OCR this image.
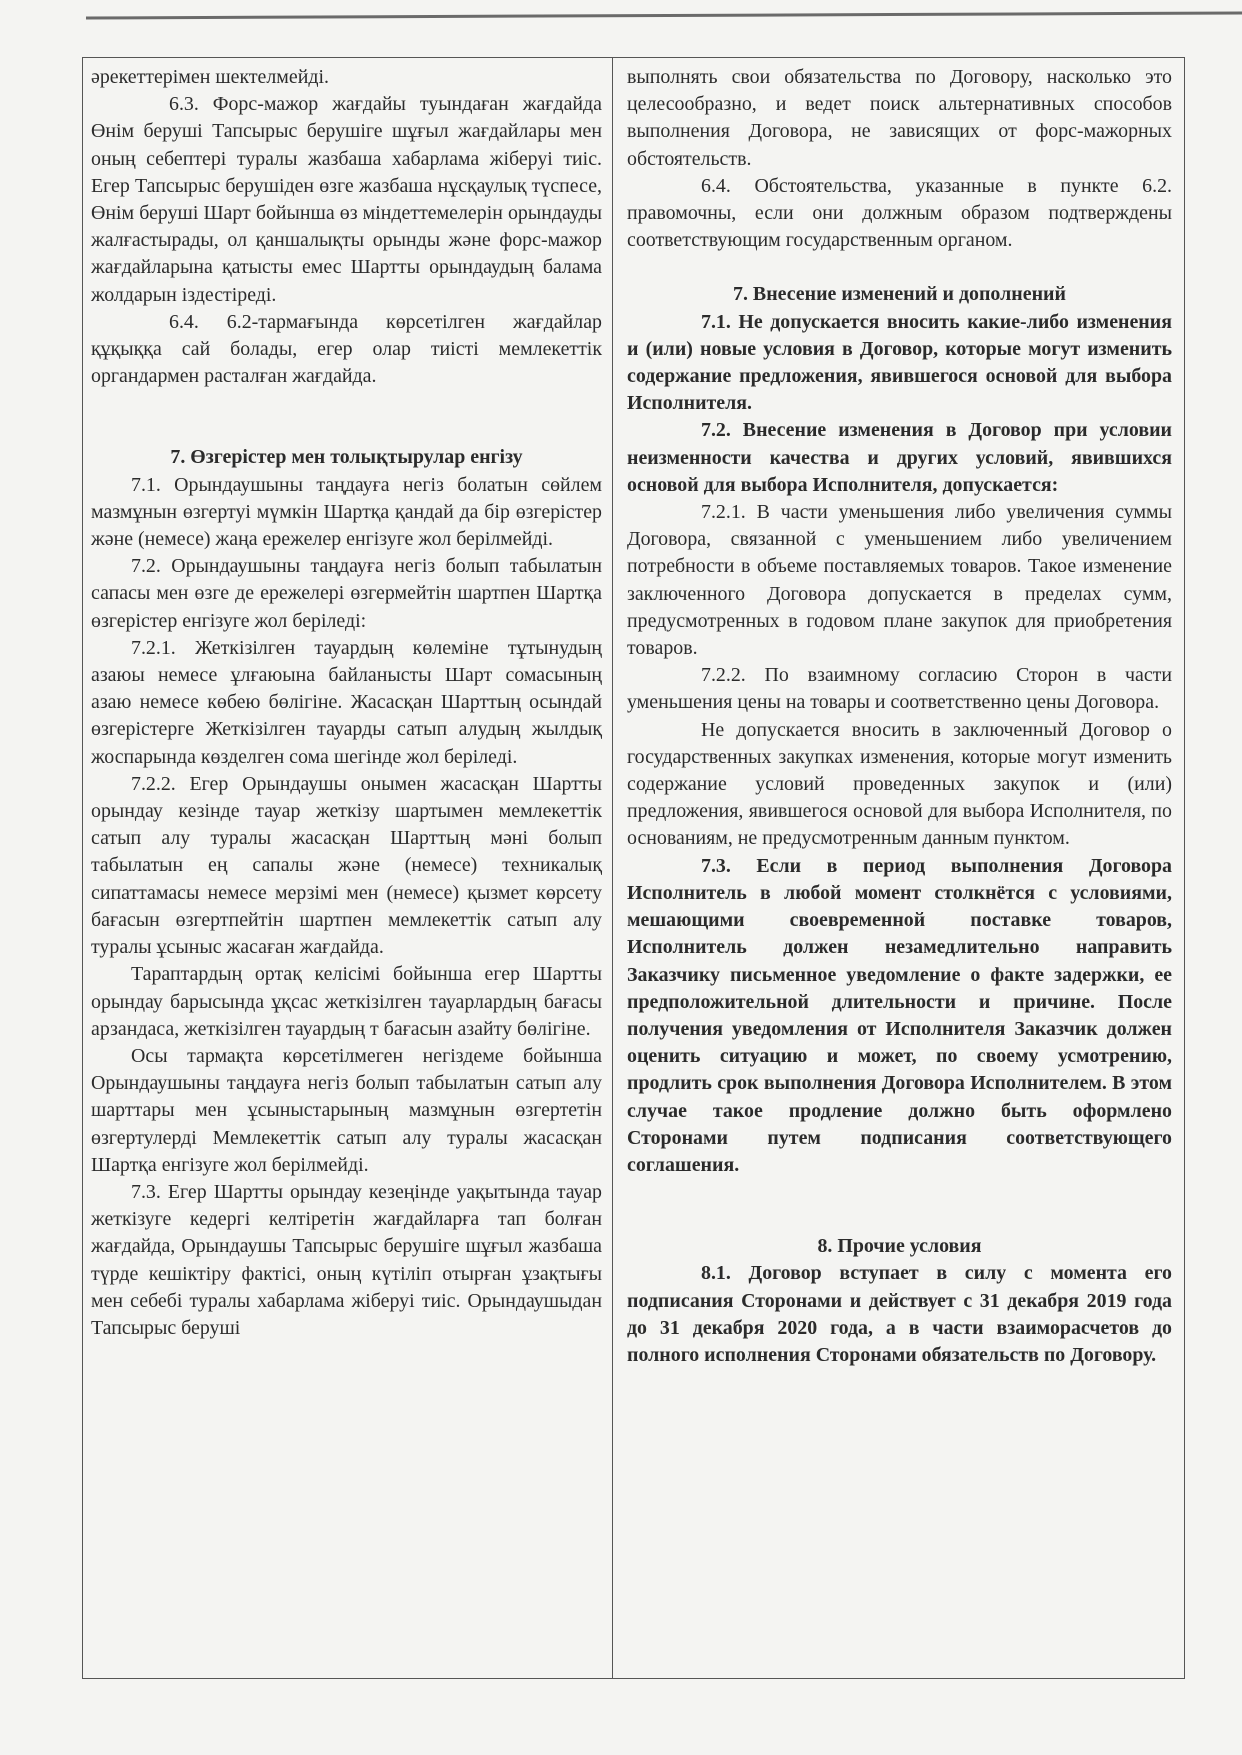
әрекеттерімен шектелмейді.

6.3. Форс-мажор жағдайы туындаған жағдайда Өнім беруші Тапсырыс берушіге шұғыл жағдайлары мен оның себептері туралы жазбаша хабарлама жіберуі тиіс. Егер Тапсырыс берушіден өзге жазбаша нұсқаулық түспесе, Өнім беруші Шарт бойынша өз міндеттемелерін орындауды жалғастырады, ол қаншалықты орынды және форс-мажор жағдайларына қатысты емес Шартты орындаудың балама жолдарын іздестіреді.

6.4. 6.2-тармағында көрсетілген жағдайлар құқыққа сай болады, егер олар тиісті мемлекеттік органдармен расталған жағдайда.

7. Өзгерістер мен толықтырулар енгізу

7.1. Орындаушыны таңдауға негіз болатын сөйлем мазмұнын өзгертуі мүмкін Шартқа қандай да бір өзгерістер және (немесе) жаңа ережелер енгізуге жол берілмейді.

7.2. Орындаушыны таңдауға негіз болып табылатын сапасы мен өзге де ережелері өзгермейтін шартпен Шартқа өзгерістер енгізуге жол беріледі:

7.2.1. Жеткізілген тауардың көлеміне тұтынудың азаюы немесе ұлғаюына байланысты Шарт сомасының азаю немесе көбею бөлігіне. Жасасқан Шарттың осындай өзгерістерге Жеткізілген тауарды сатып алудың жылдық жоспарында көзделген сома шегінде жол беріледі.

7.2.2. Егер Орындаушы онымен жасасқан Шартты орындау кезінде тауар жеткізу шартымен мемлекеттік сатып алу туралы жасасқан Шарттың мәні болып табылатын ең сапалы және (немесе) техникалық сипаттамасы немесе мерзімі мен (немесе) қызмет көрсету бағасын өзгертпейтін шартпен мемлекеттік сатып алу туралы ұсыныс жасаған жағдайда.

Тараптардың ортақ келісімі бойынша егер Шартты орындау барысында ұқсас жеткізілген тауарлардың бағасы арзандаса, жеткізілген тауардың т бағасын азайту бөлігіне.

Осы тармақта көрсетілмеген негіздеме бойынша Орындаушыны таңдауға негіз болып табылатын сатып алу шарттары мен ұсыныстарының мазмұнын өзгертетін өзгертулерді Мемлекеттік сатып алу туралы жасасқан Шартқа енгізуге жол берілмейді.

7.3. Егер Шартты орындау кезеңінде уақытында тауар жеткізуге кедергі келтіретін жағдайларға тап болған жағдайда, Орындаушы Тапсырыс берушіге шұғыл жазбаша түрде кешіктіру фактісі, оның күтіліп отырған ұзақтығы мен себебі туралы хабарлама жіберуі тиіс. Орындаушыдан Тапсырыс беруші

выполнять свои обязательства по Договору, насколько это целесообразно, и ведет поиск альтернативных способов выполнения Договора, не зависящих от форс-мажорных обстоятельств.

6.4. Обстоятельства, указанные в пункте 6.2. правомочны, если они должным образом подтверждены соответствующим государственным органом.

7. Внесение изменений и дополнений

7.1. Не допускается вносить какие-либо изменения и (или) новые условия в Договор, которые могут изменить содержание предложения, явившегося основой для выбора Исполнителя.

7.2. Внесение изменения в Договор при условии неизменности качества и других условий, явившихся основой для выбора Исполнителя, допускается:

7.2.1. В части уменьшения либо увеличения суммы Договора, связанной с уменьшением либо увеличением потребности в объеме поставляемых товаров. Такое изменение заключенного Договора допускается в пределах сумм, предусмотренных в годовом плане закупок для приобретения товаров.

7.2.2. По взаимному согласию Сторон в части уменьшения цены на товары и соответственно цены Договора.

Не допускается вносить в заключенный Договор о государственных закупках изменения, которые могут изменить содержание условий проведенных закупок и (или) предложения, явившегося основой для выбора Исполнителя, по основаниям, не предусмотренным данным пунктом.

7.3. Если в период выполнения Договора Исполнитель в любой момент столкнётся с условиями, мешающими своевременной поставке товаров, Исполнитель должен незамедлительно направить Заказчику письменное уведомление о факте задержки, ее предположительной длительности и причине. После получения уведомления от Исполнителя Заказчик должен оценить ситуацию и может, по своему усмотрению, продлить срок выполнения Договора Исполнителем. В этом случае такое продление должно быть оформлено Сторонами путем подписания соответствующего соглашения.

8. Прочие условия

8.1. Договор вступает в силу с момента его подписания Сторонами и действует с 31 декабря 2019 года до 31 декабря 2020 года, а в части взаиморасчетов до полного исполнения Сторонами обязательств по Договору.
